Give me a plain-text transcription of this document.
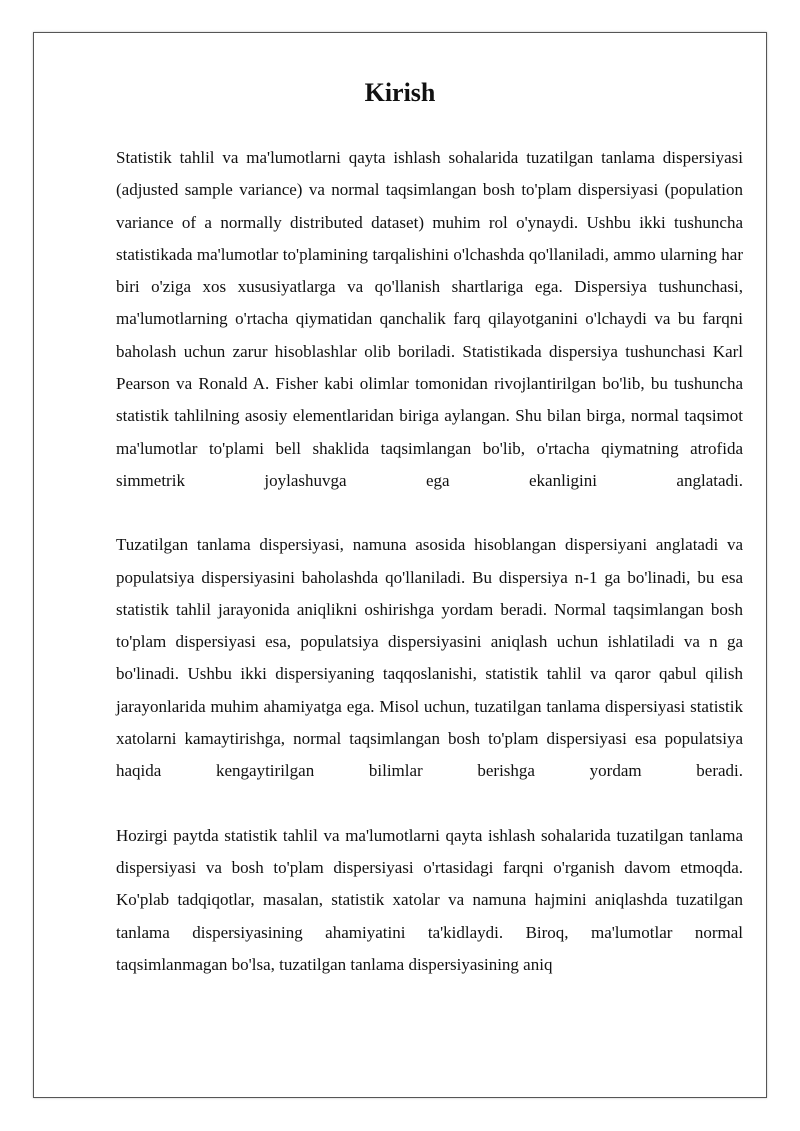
Kirish

Statistik tahlil va ma'lumotlarni qayta ishlash sohalarida tuzatilgan tanlama dispersiyasi (adjusted sample variance) va normal taqsimlangan bosh to'plam dispersiyasi (population variance of a normally distributed dataset) muhim rol o'ynaydi. Ushbu ikki tushuncha statistikada ma'lumotlar to'plamining tarqalishini o'lchashda qo'llaniladi, ammo ularning har biri o'ziga xos xususiyatlarga va qo'llanish shartlariga ega. Dispersiya tushunchasi, ma'lumotlarning o'rtacha qiymatidan qanchalik farq qilayotganini o'lchaydi va bu farqni baholash uchun zarur hisoblashlar olib boriladi. Statistikada dispersiya tushunchasi Karl Pearson va Ronald A. Fisher kabi olimlar tomonidan rivojlantirilgan bo'lib, bu tushuncha statistik tahlilning asosiy elementlaridan biriga aylangan. Shu bilan birga, normal taqsimot ma'lumotlar to'plami bell shaklida taqsimlangan bo'lib, o'rtacha qiymatning atrofida simmetrik joylashuvga ega ekanligini anglatadi.

Tuzatilgan tanlama dispersiyasi, namuna asosida hisoblangan dispersiyani anglatadi va populatsiya dispersiyasini baholashda qo'llaniladi. Bu dispersiya n-1 ga bo'linadi, bu esa statistik tahlil jarayonida aniqlikni oshirishga yordam beradi. Normal taqsimlangan bosh to'plam dispersiyasi esa, populatsiya dispersiyasini aniqlash uchun ishlatiladi va n ga bo'linadi. Ushbu ikki dispersiyaning taqqoslanishi, statistik tahlil va qaror qabul qilish jarayonlarida muhim ahamiyatga ega. Misol uchun, tuzatilgan tanlama dispersiyasi statistik xatolarni kamaytirishga, normal taqsimlangan bosh to'plam dispersiyasi esa populatsiya haqida kengaytirilgan bilimlar berishga yordam beradi.

Hozirgi paytda statistik tahlil va ma'lumotlarni qayta ishlash sohalarida tuzatilgan tanlama dispersiyasi va bosh to'plam dispersiyasi o'rtasidagi farqni o'rganish davom etmoqda. Ko'plab tadqiqotlar, masalan, statistik xatolar va namuna hajmini aniqlashda tuzatilgan tanlama dispersiyasining ahamiyatini ta'kidlaydi. Biroq, ma'lumotlar normal taqsimlanmagan bo'lsa, tuzatilgan tanlama dispersiyasining aniq
